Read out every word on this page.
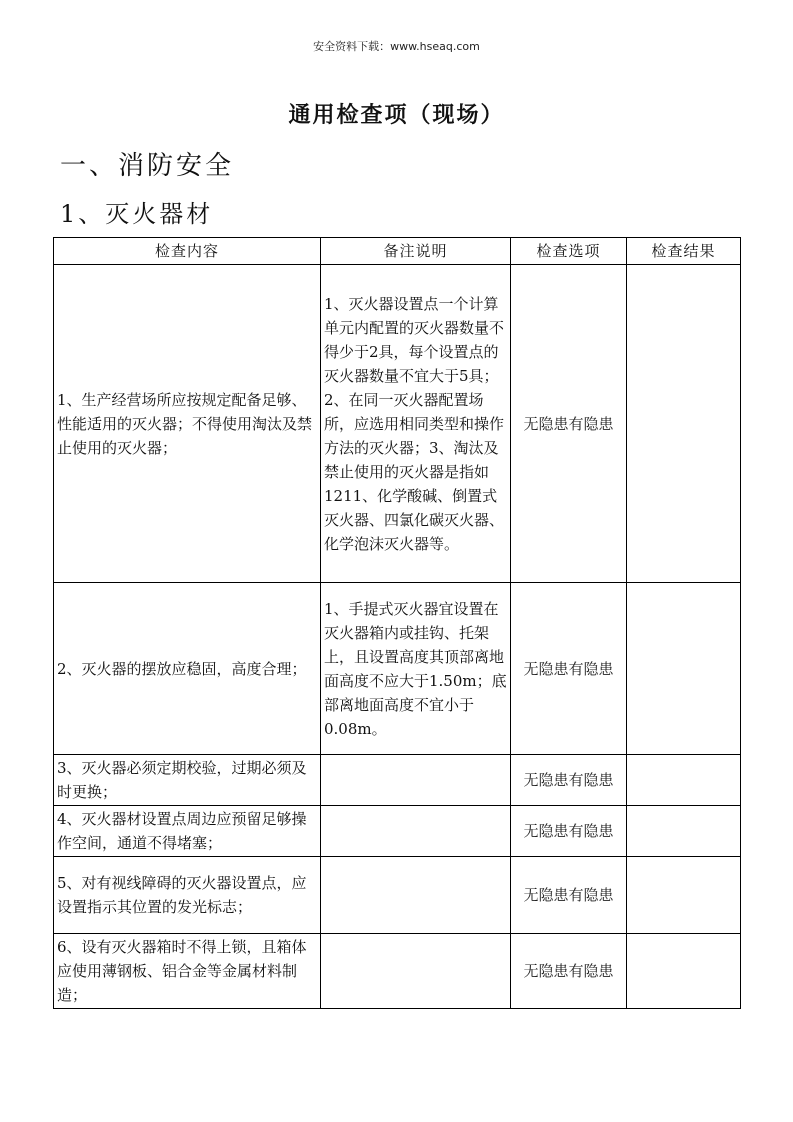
安全资料下载：www.hseaq.com
通用检查项（现场）
一、消防安全
1、灭火器材
检查内容	备注说明	检查选项	检查结果
1、生产经营场所应按规定配备足够、性能适用的灭火器；不得使用淘汰及禁止使用的灭火器；	1、灭火器设置点一个计算单元内配置的灭火器数量不得少于2具，每个设置点的灭火器数量不宜大于5具；2、在同一灭火器配置场所，应选用相同类型和操作方法的灭火器；3、淘汰及禁止使用的灭火器是指如1211、化学酸碱、倒置式灭火器、四氯化碳灭火器、化学泡沫灭火器等。	无隐患有隐患	
2、灭火器的摆放应稳固，高度合理；	1、手提式灭火器宜设置在灭火器箱内或挂钩、托架上，且设置高度其顶部离地面高度不应大于1.50m；底部离地面高度不宜小于0.08m。	无隐患有隐患	
3、灭火器必须定期校验，过期必须及时更换；		无隐患有隐患	
4、灭火器材设置点周边应预留足够操作空间，通道不得堵塞；		无隐患有隐患	
5、对有视线障碍的灭火器设置点，应设置指示其位置的发光标志；		无隐患有隐患	
6、设有灭火器箱时不得上锁，且箱体应使用薄钢板、铝合金等金属材料制造；		无隐患有隐患	
